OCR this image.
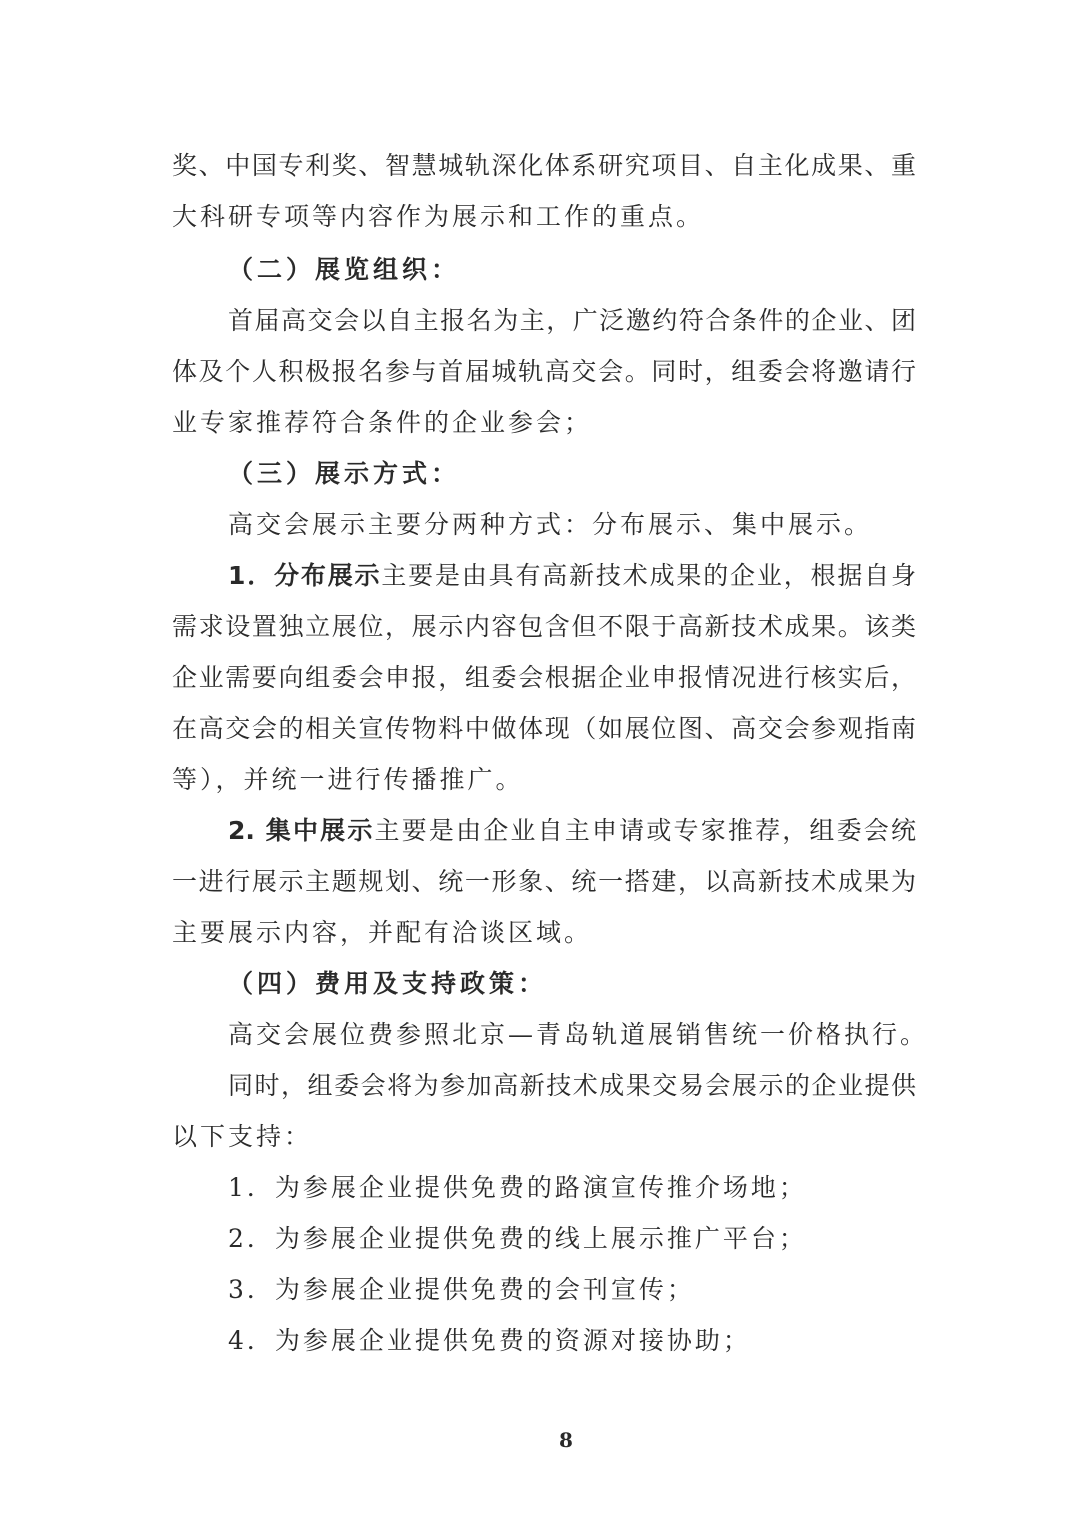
奖、中国专利奖、智慧城轨深化体系研究项目、自主化成果、重
大科研专项等内容作为展示和工作的重点。
（二）展览组织：
首届高交会以自主报名为主，广泛邀约符合条件的企业、团
体及个人积极报名参与首届城轨高交会。同时，组委会将邀请行
业专家推荐符合条件的企业参会；
（三）展示方式：
高交会展示主要分两种方式：分布展示、集中展示。
1．分布展示主要是由具有高新技术成果的企业，根据自身
需求设置独立展位，展示内容包含但不限于高新技术成果。该类
企业需要向组委会申报，组委会根据企业申报情况进行核实后，
在高交会的相关宣传物料中做体现（如展位图、高交会参观指南
等），并统一进行传播推广。
2. 集中展示主要是由企业自主申请或专家推荐，组委会统
一进行展示主题规划、统一形象、统一搭建，以高新技术成果为
主要展示内容，并配有洽谈区域。
（四）费用及支持政策：
高交会展位费参照北京—青岛轨道展销售统一价格执行。
同时，组委会将为参加高新技术成果交易会展示的企业提供
以下支持：
1．为参展企业提供免费的路演宣传推介场地；
2．为参展企业提供免费的线上展示推广平台；
3．为参展企业提供免费的会刊宣传；
4．为参展企业提供免费的资源对接协助；
8
